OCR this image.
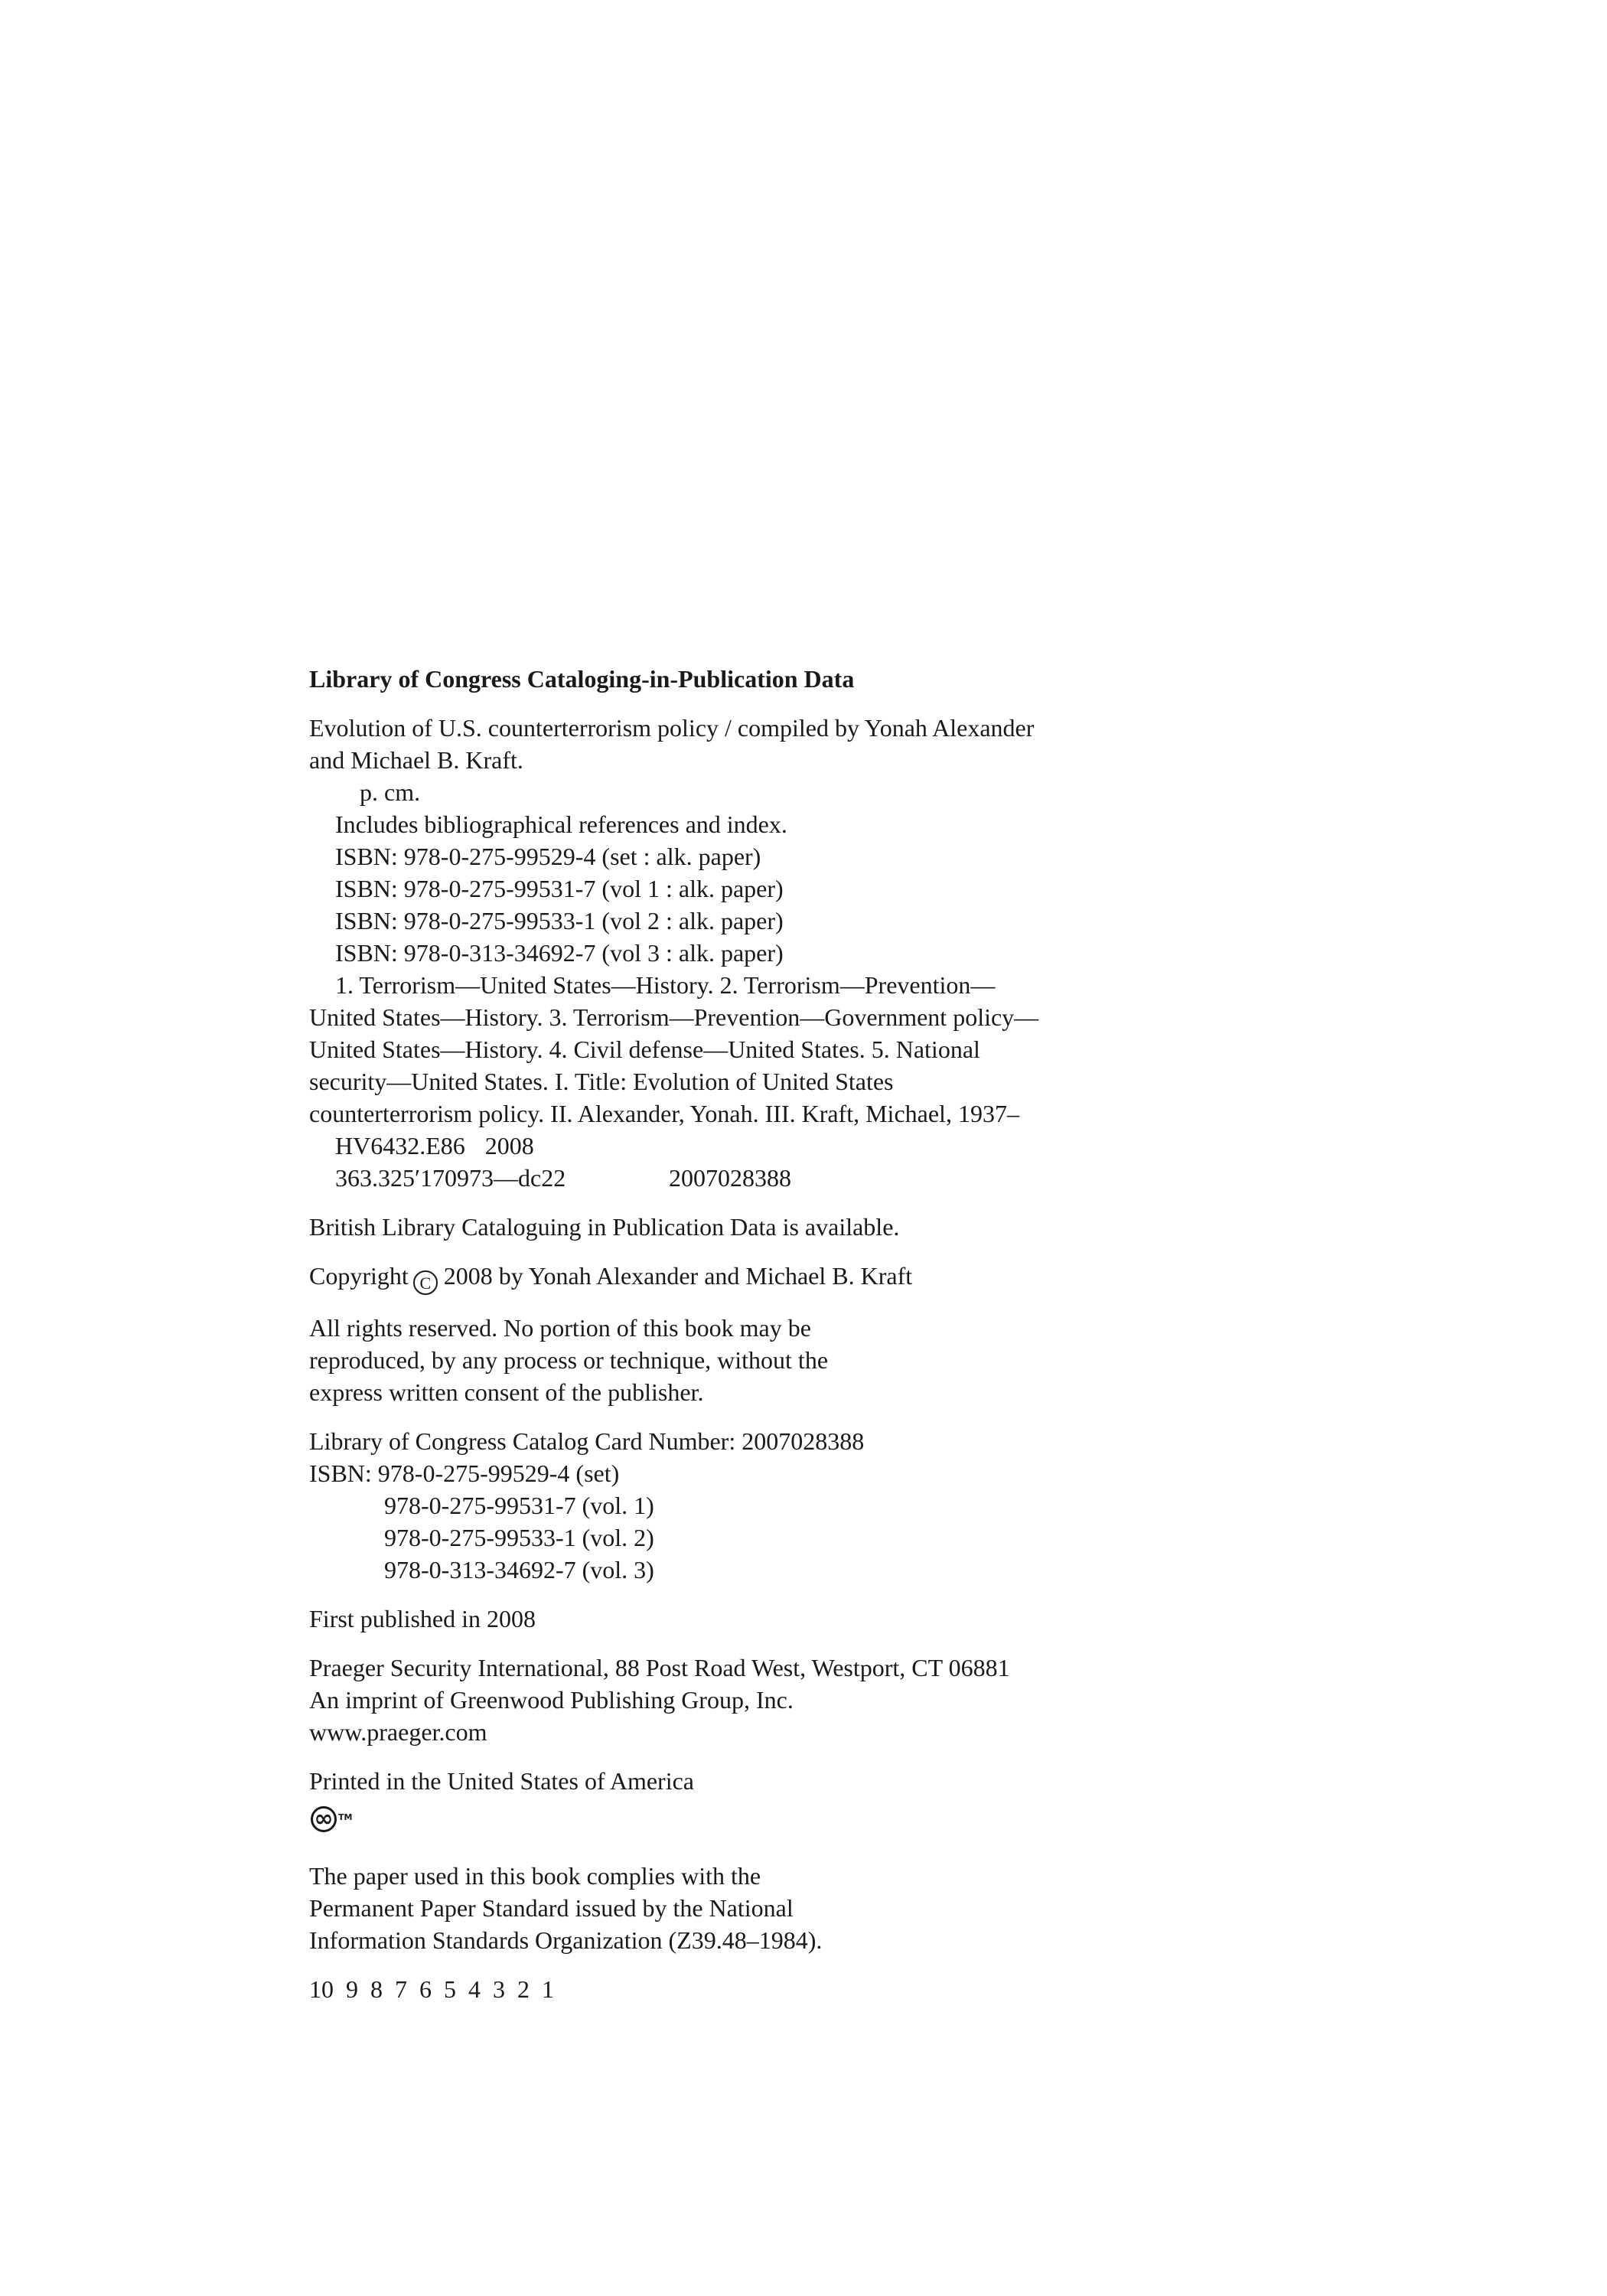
Library of Congress Cataloging-in-Publication Data
Evolution of U.S. counterterrorism policy / compiled by Yonah Alexander
and Michael B. Kraft.
p. cm.
Includes bibliographical references and index.
ISBN: 978-0-275-99529-4 (set : alk. paper)
ISBN: 978-0-275-99531-7 (vol 1 : alk. paper)
ISBN: 978-0-275-99533-1 (vol 2 : alk. paper)
ISBN: 978-0-313-34692-7 (vol 3 : alk. paper)
1. Terrorism—United States—History. 2. Terrorism—Prevention—
United States—History. 3. Terrorism—Prevention—Government policy—
United States—History. 4. Civil defense—United States. 5. National
security—United States. I. Title: Evolution of United States
counterterrorism policy. II. Alexander, Yonah. III. Kraft, Michael, 1937–
HV6432.E86 2008
363.325′170973—dc22	2007028388
British Library Cataloguing in Publication Data is available.
Copyright C 2008 by Yonah Alexander and Michael B. Kraft
All rights reserved. No portion of this book may be
reproduced, by any process or technique, without the
express written consent of the publisher.
Library of Congress Catalog Card Number: 2007028388
ISBN: 978-0-275-99529-4 (set)
978-0-275-99531-7 (vol. 1)
978-0-275-99533-1 (vol. 2)
978-0-313-34692-7 (vol. 3)
First published in 2008
Praeger Security International, 88 Post Road West, Westport, CT 06881
An imprint of Greenwood Publishing Group, Inc.
www.praeger.com
Printed in the United States of America
∞ TM
The paper used in this book complies with the
Permanent Paper Standard issued by the National
Information Standards Organization (Z39.48–1984).
10  9  8  7  6  5  4  3  2  1
